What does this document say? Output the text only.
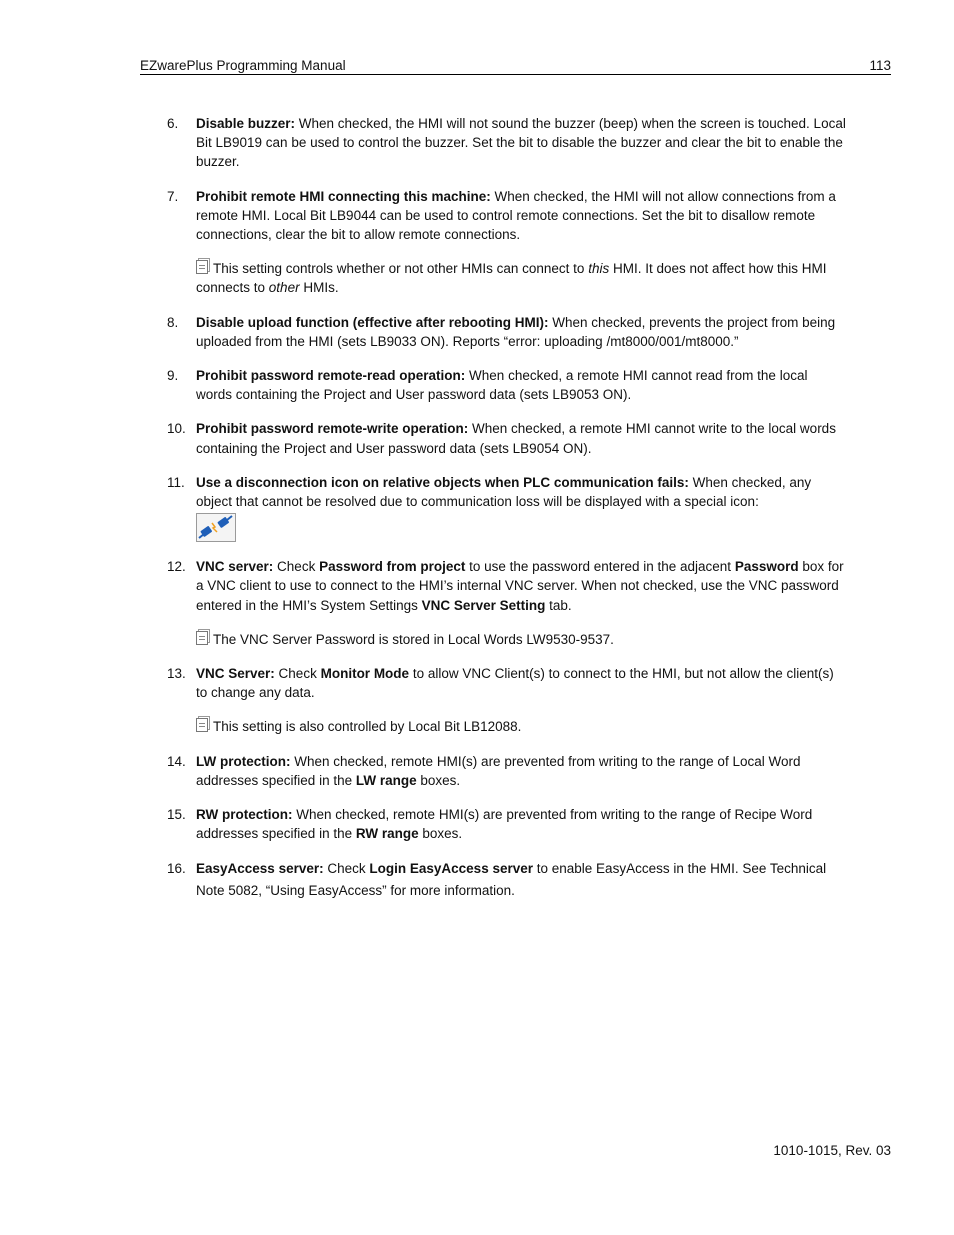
EZwarePlus Programming Manual	113
6. Disable buzzer: When checked, the HMI will not sound the buzzer (beep) when the screen is touched. Local Bit LB9019 can be used to control the buzzer. Set the bit to disable the buzzer and clear the bit to enable the buzzer.
7. Prohibit remote HMI connecting this machine: When checked, the HMI will not allow connections from a remote HMI. Local Bit LB9044 can be used to control remote connections. Set the bit to disallow remote connections, clear the bit to allow remote connections.
This setting controls whether or not other HMIs can connect to this HMI. It does not affect how this HMI connects to other HMIs.
8. Disable upload function (effective after rebooting HMI): When checked, prevents the project from being uploaded from the HMI (sets LB9033 ON). Reports “error: uploading /mt8000/001/mt8000.”
9. Prohibit password remote-read operation: When checked, a remote HMI cannot read from the local words containing the Project and User password data (sets LB9053 ON).
10. Prohibit password remote-write operation: When checked, a remote HMI cannot write to the local words containing the Project and User password data (sets LB9054 ON).
11. Use a disconnection icon on relative objects when PLC communication fails: When checked, any object that cannot be resolved due to communication loss will be displayed with a special icon:
12. VNC server: Check Password from project to use the password entered in the adjacent Password box for a VNC client to use to connect to the HMI’s internal VNC server. When not checked, use the VNC password entered in the HMI’s System Settings VNC Server Setting tab.
The VNC Server Password is stored in Local Words LW9530-9537.
13. VNC Server: Check Monitor Mode to allow VNC Client(s) to connect to the HMI, but not allow the client(s) to change any data.
This setting is also controlled by Local Bit LB12088.
14. LW protection: When checked, remote HMI(s) are prevented from writing to the range of Local Word addresses specified in the LW range boxes.
15. RW protection: When checked, remote HMI(s) are prevented from writing to the range of Recipe Word addresses specified in the RW range boxes.
16. EasyAccess server: Check Login EasyAccess server to enable EasyAccess in the HMI. See Technical Note 5082, “Using EasyAccess” for more information.
1010-1015, Rev. 03
